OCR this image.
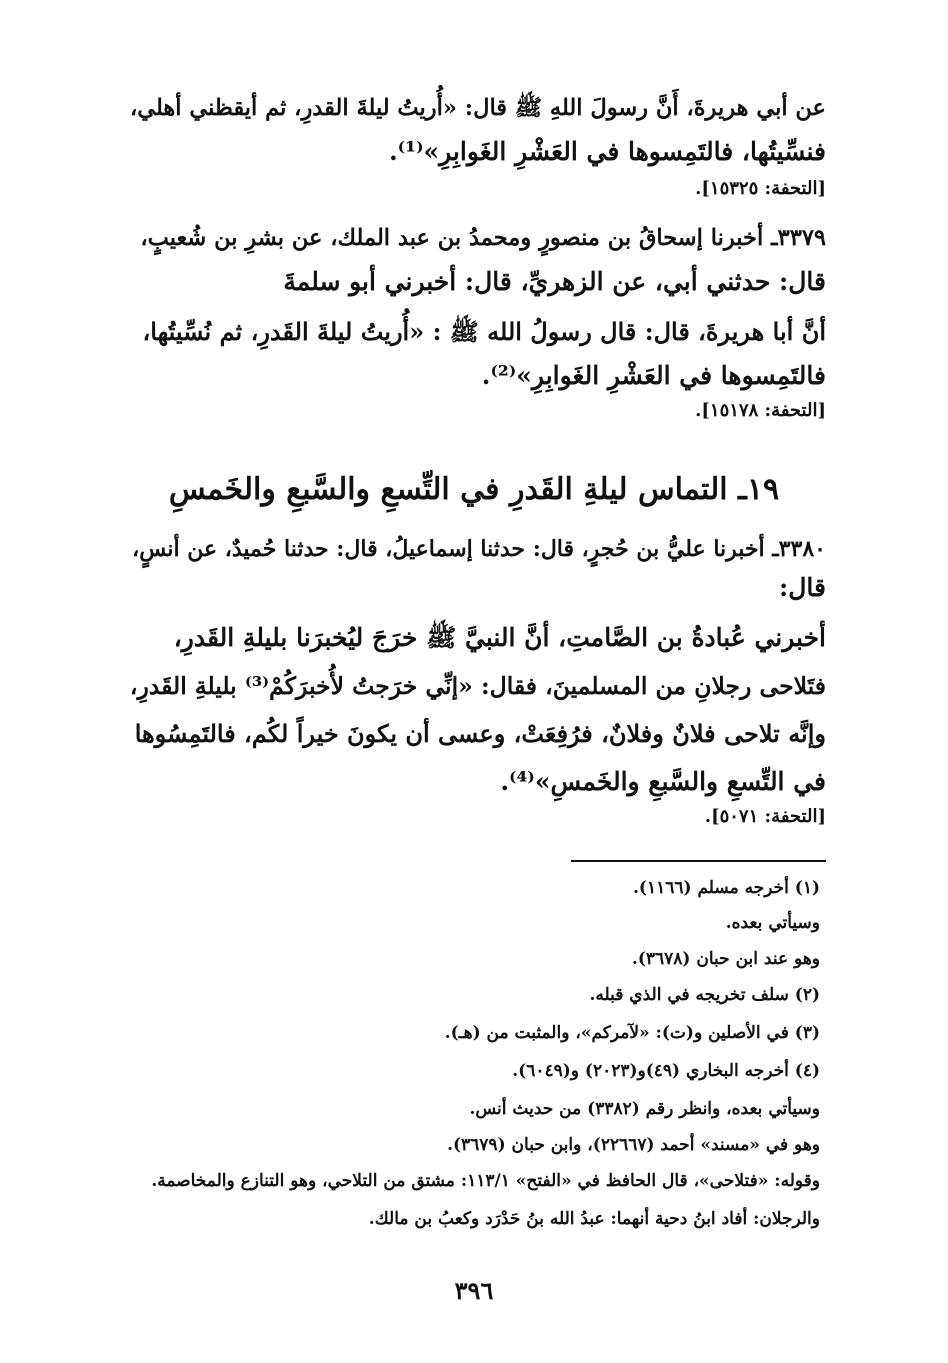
عن أبي هريرةَ، أَنَّ رسولَ اللهِ ﷺ قال: «أُريتُ ليلةَ القدرِ، ثم أيقظني أهلي،
فنسِّيتُها، فالتَمِسوها في العَشْرِ الغَوابِرِ»⁽¹⁾.
[التحفة: ١٥٣٢٥].
٣٣٧٩ـ أخبرنا إسحاقُ بن منصورٍ ومحمدُ بن عبد الملك، عن بشرِ بن شُعيبٍ،
قال: حدثني أبي، عن الزهريِّ، قال: أخبرني أبو سلمةَ
أنَّ أبا هريرةَ، قال: قال رسولُ الله ﷺ : «أُريتُ ليلةَ القَدرِ، ثم نُسِّيتُها،
فالتَمِسوها في العَشْرِ الغَوابِرِ»⁽²⁾.
[التحفة: ١٥١٧٨].
١٩ـ التماس ليلةِ القَدرِ في التِّسعِ والسَّبعِ والخَمسِ
٣٣٨٠ـ أخبرنا عليُّ بن حُجرٍ، قال: حدثنا إسماعيلُ، قال: حدثنا حُميدٌ، عن أنسٍ،
قال:
أخبرني عُبادةُ بن الصَّامتِ، أنَّ النبيَّ ﷺ خرَجَ ليُخبرَنا بليلةِ القَدرِ،
فتَلاحى رجلانِ من المسلمينَ، فقال: «إنِّي خرَجتُ لأُخبرَكُمْ⁽³⁾ بليلةِ القَدرِ،
وإنَّه تلاحى فلانٌ وفلانٌ، فرُفِعَتْ، وعسى أن يكونَ خيراً لكُم، فالتَمِسُوها
في التِّسعِ والسَّبعِ والخَمسِ»⁽⁴⁾.
[التحفة: ٥٠٧١].
(١) أخرجه مسلم (١١٦٦).
وسيأتي بعده.
وهو عند ابن حبان (٣٦٧٨).
(٢) سلف تخريجه في الذي قبله.
(٣) في الأصلين و(ت): «لآمركم»، والمثبت من (هـ).
(٤) أخرجه البخاري (٤٩)و(٢٠٢٣) و(٦٠٤٩).
وسيأتي بعده، وانظر رقم (٣٣٨٢) من حديث أنس.
وهو في «مسند» أحمد (٢٢٦٦٧)، وابن حبان (٣٦٧٩).
وقوله: «فتلاحى»، قال الحافظ في «الفتح» ١١٣/١: مشتق من التلاحي، وهو التنازع والمخاصمة.
والرجلان: أفاد ابنُ دحية أنهما: عبدُ الله بنُ حَدْرَد وكعبُ بن مالك.
٣٩٦
